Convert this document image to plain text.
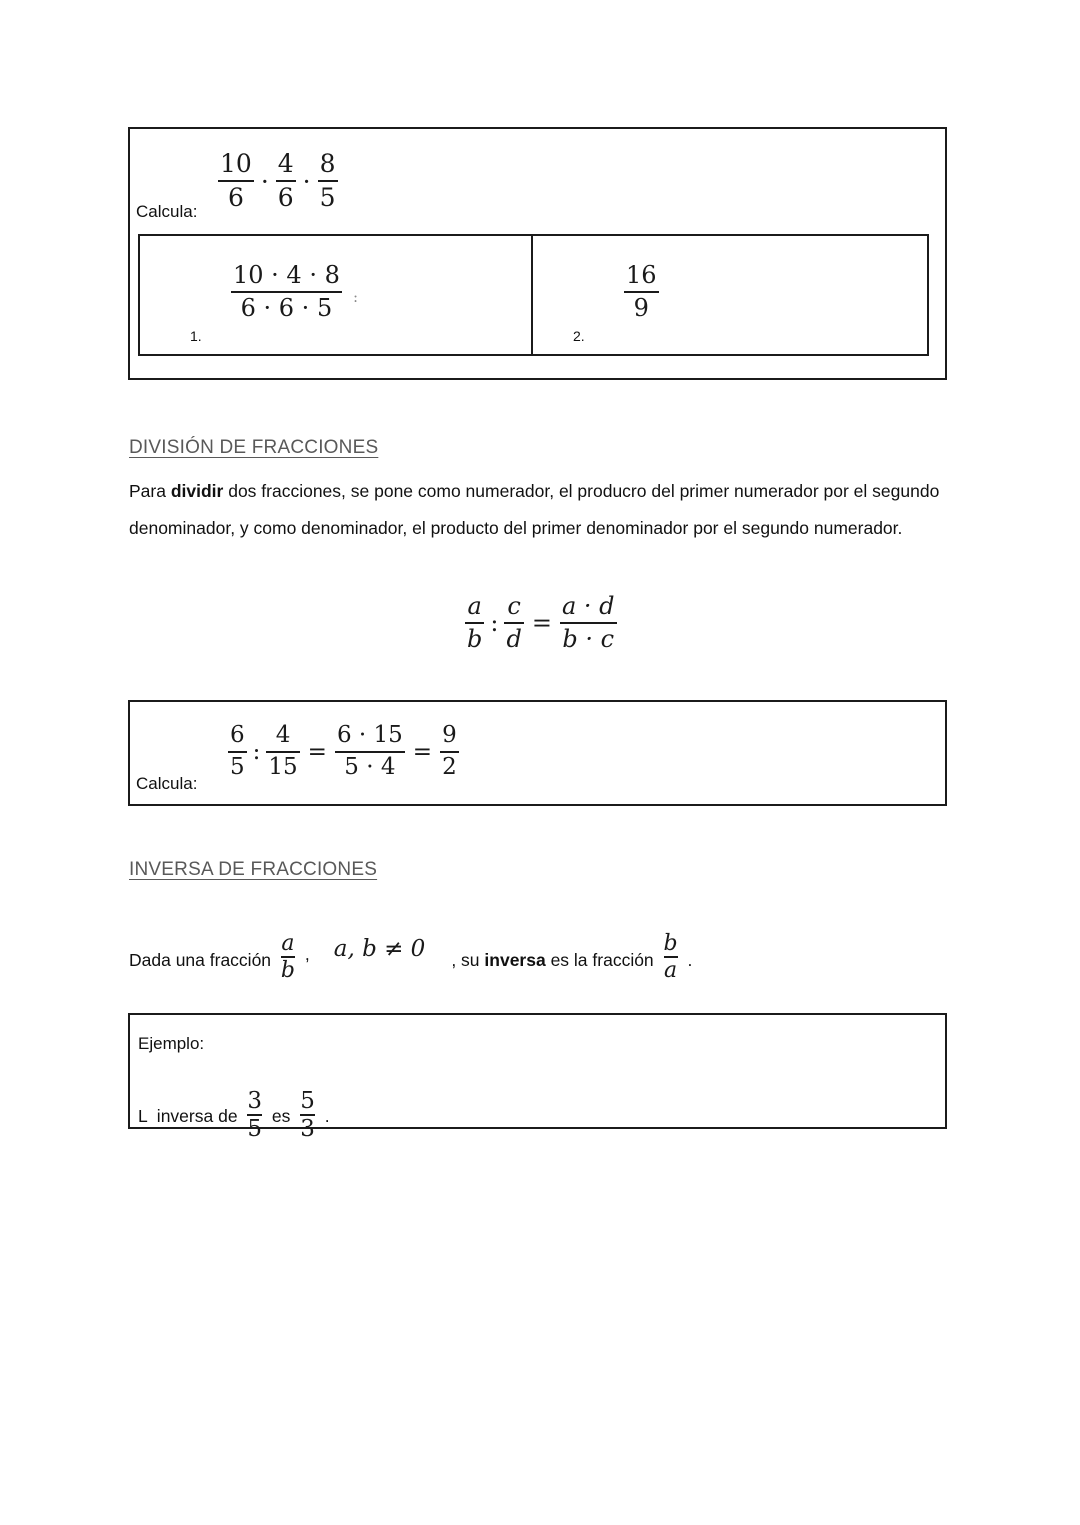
Calcula: $\frac{10}{6} \cdot \frac{4}{6} \cdot \frac{8}{5}$
1.
$\frac{10 \cdot 4 \cdot 8}{6 \cdot 6 \cdot 5}$ :
2.
$\frac{16}{9}$
DIVISIÓN DE FRACCIONES
Para dividir dos fracciones, se pone como numerador, el producro del primer numerador por el segundo denominador, y como denominador, el producto del primer denominador por el segundo numerador.
$\frac{a}{b}$ : $\frac{c}{d} = \frac{a \cdot d}{b \cdot c}$
Calcula:
$\frac{6}{5}$ : $\frac{4}{15} = \frac{6 \cdot 15}{5 \cdot 4} = \frac{9}{2}$
INVERSA DE FRACCIONES
Dada una fracción $\frac{a}{b}$ , a, b ≠ 0 , su inversa es la fracción $\frac{b}{a}$ .
Ejemplo:
L  inversa de $\frac{3}{5}$ es $\frac{5}{3}$ .
